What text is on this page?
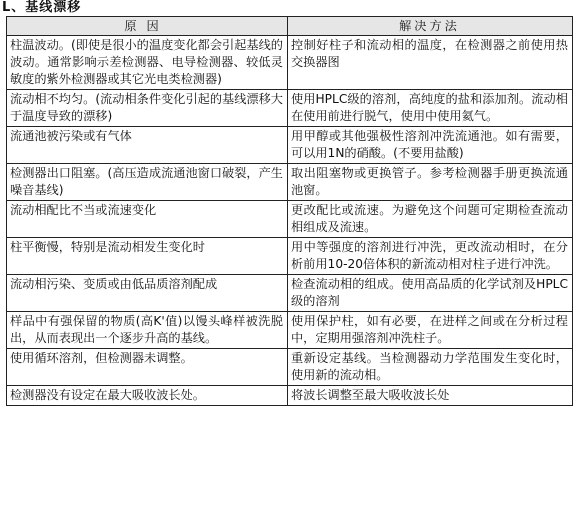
L、基线漂移
原因	解决方法
柱温波动。(即使是很小的温度变化都会引起基线的波动。通常影响示差检测器、电导检测器、较低灵敏度的紫外检测器或其它光电类检测器)	控制好柱子和流动相的温度，在检测器之前使用热交换器图
流动相不均匀。(流动相条件变化引起的基线漂移大于温度导致的漂移)	使用HPLC级的溶剂，高纯度的盐和添加剂。流动相在使用前进行脱气，使用中使用氦气。
流通池被污染或有气体	用甲醇或其他强极性溶剂冲洗流通池。如有需要，可以用1N的硝酸。(不要用盐酸)
检测器出口阻塞。(高压造成流通池窗口破裂，产生噪音基线)	取出阻塞物或更换管子。参考检测器手册更换流通池窗。
流动相配比不当或流速变化	更改配比或流速。为避免这个问题可定期检查流动相组成及流速。
柱平衡慢，特别是流动相发生变化时	用中等强度的溶剂进行冲洗，更改流动相时，在分析前用10-20倍体积的新流动相对柱子进行冲洗。
流动相污染、变质或由低品质溶剂配成	检查流动相的组成。使用高品质的化学试剂及HPLC级的溶剂
样品中有强保留的物质(高K'值)以馒头峰样被洗脱出，从而表现出一个逐步升高的基线。	使用保护柱，如有必要，在进样之间或在分析过程中，定期用强溶剂冲洗柱子。
使用循环溶剂，但检测器未调整。	重新设定基线。当检测器动力学范围发生变化时，使用新的流动相。
检测器没有设定在最大吸收波长处。	将波长调整至最大吸收波长处
